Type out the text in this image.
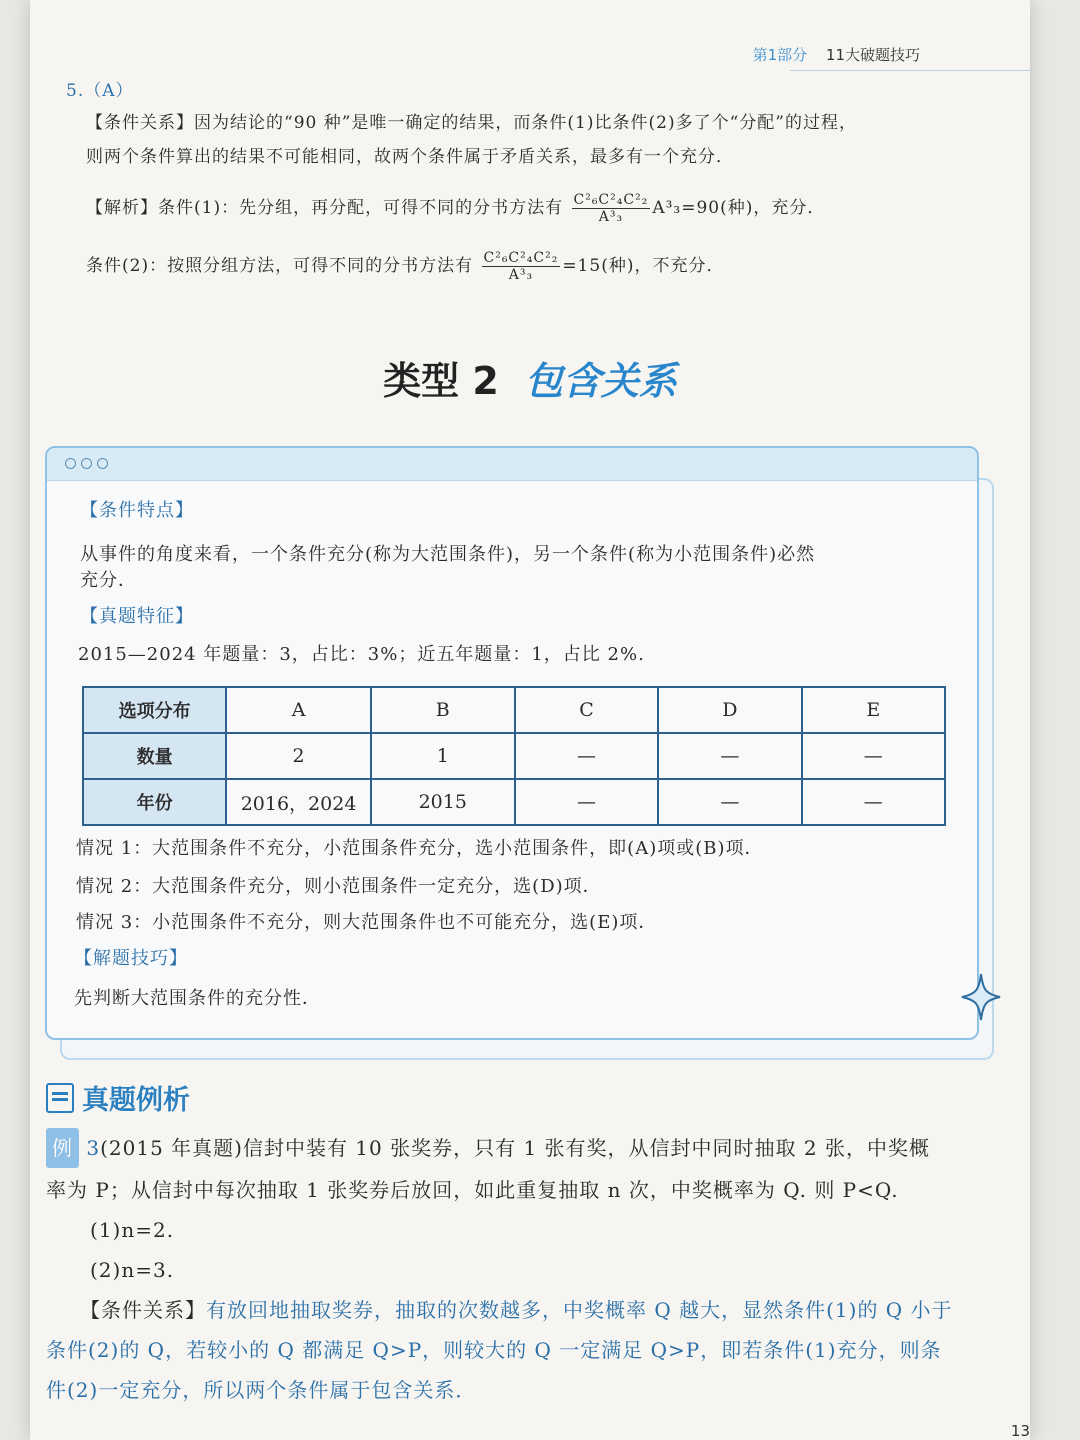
第1部分 11大破题技巧
5.（A）
【条件关系】因为结论的“90 种”是唯一确定的结果，而条件(1)比条件(2)多了个“分配”的过程，
则两个条件算出的结果不可能相同，故两个条件属于矛盾关系，最多有一个充分．
【解析】条件(1)：先分组，再分配，可得不同的分书方法有 $\frac{\text{C²₆C²₄C²₂}}{\text{A³₃}} A^3_3=90$(种)，充分．
条件(2)：按照分组方法，可得不同的分书方法有 $\frac{\text{C²₆C²₄C²₂}}{\text{A³₃}} =15$(种)，不充分．
类型 2 包含关系
【条件特点】
从事件的角度来看，一个条件充分(称为大范围条件)，另一个条件(称为小范围条件)必然
充分．
【真题特征】
2015—2024 年题量：3，占比：3%；近五年题量：1，占比 2%.
选项分布	A	B	C	D	E
数量	2	1	—	—	—
年份	2016，2024	2015	—	—	—
情况 1：大范围条件不充分，小范围条件充分，选小范围条件，即(A)项或(B)项．
情况 2：大范围条件充分，则小范围条件一定充分，选(D)项．
情况 3：小范围条件不充分，则大范围条件也不可能充分，选(E)项．
【解题技巧】
先判断大范围条件的充分性．
真题例析
例 3(2015 年真题)信封中装有 10 张奖券，只有 1 张有奖，从信封中同时抽取 2 张，中奖概
率为 P；从信封中每次抽取 1 张奖券后放回，如此重复抽取 n 次，中奖概率为 Q. 则 P<Q.
(1)n=2.
(2)n=3.
【条件关系】有放回地抽取奖券，抽取的次数越多，中奖概率 Q 越大，显然条件(1)的 Q 小于
条件(2)的 Q，若较小的 Q 都满足 Q>P，则较大的 Q 一定满足 Q>P，即若条件(1)充分，则条
件(2)一定充分，所以两个条件属于包含关系．
13
